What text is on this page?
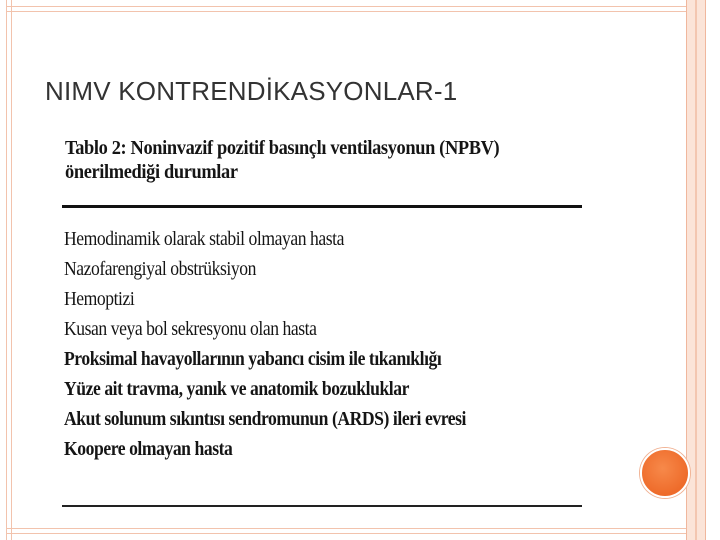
NIMV KONTRENDİKASYONLAR-1
Tablo 2: Noninvazif pozitif basınçlı ventilasyonun (NPBV) önerilmediği durumlar
Hemodinamik olarak stabil olmayan hasta
Nazofarengiyal obstrüksiyon
Hemoptizi
Kusan veya bol sekresyonu olan hasta
Proksimal havayollarının yabancı cisim ile tıkanıklığı
Yüze ait travma, yanık ve anatomik bozukluklar
Akut solunum sıkıntısı sendromunun (ARDS) ileri evresi
Koopere olmayan hasta
